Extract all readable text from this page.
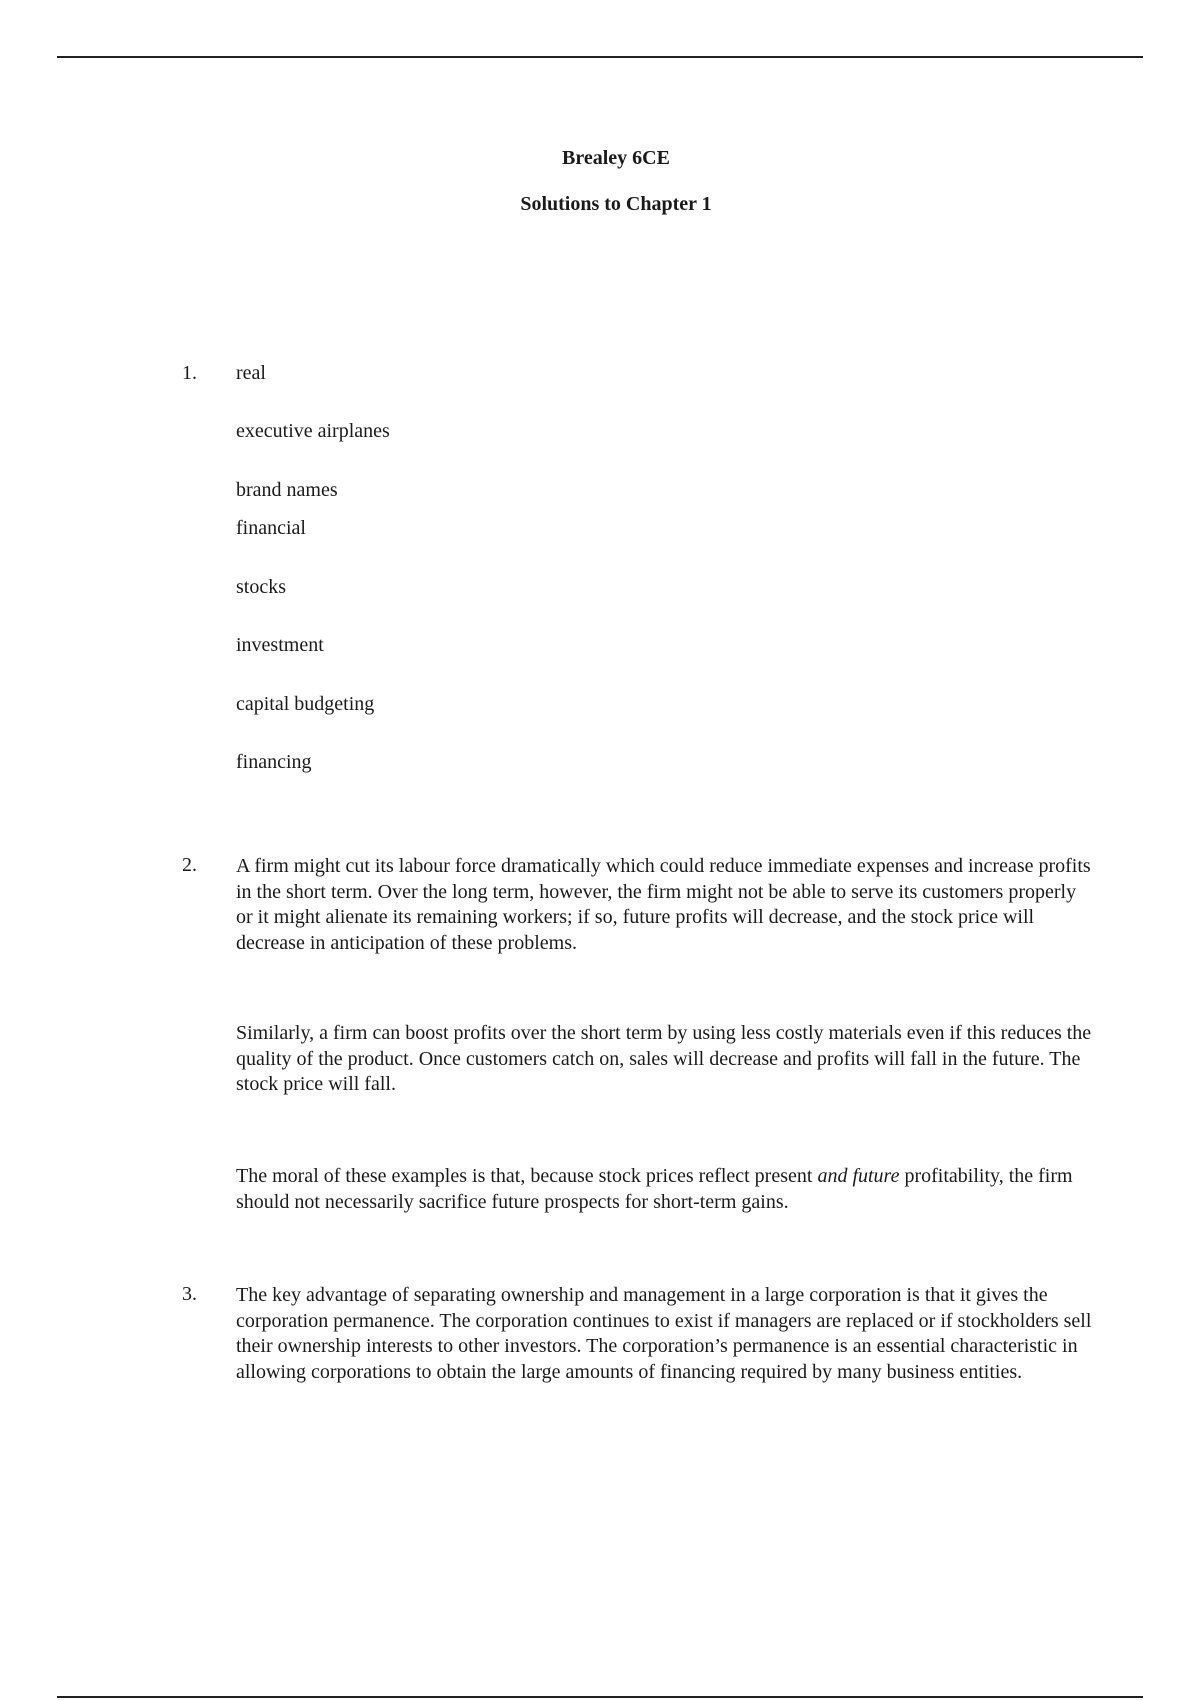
Brealey 6CE
Solutions to Chapter 1
1. real
executive airplanes
brand names
financial
stocks
investment
capital budgeting
financing
2. A firm might cut its labour force dramatically which could reduce immediate expenses and increase profits in the short term. Over the long term, however, the firm might not be able to serve its customers properly or it might alienate its remaining workers; if so, future profits will decrease, and the stock price will decrease in anticipation of these problems.

Similarly, a firm can boost profits over the short term by using less costly materials even if this reduces the quality of the product. Once customers catch on, sales will decrease and profits will fall in the future. The stock price will fall.

The moral of these examples is that, because stock prices reflect present and future profitability, the firm should not necessarily sacrifice future prospects for short-term gains.

3. The key advantage of separating ownership and management in a large corporation is that it gives the corporation permanence. The corporation continues to exist if managers are replaced or if stockholders sell their ownership interests to other investors. The corporation’s permanence is an essential characteristic in allowing corporations to obtain the large amounts of financing required by many business entities.
